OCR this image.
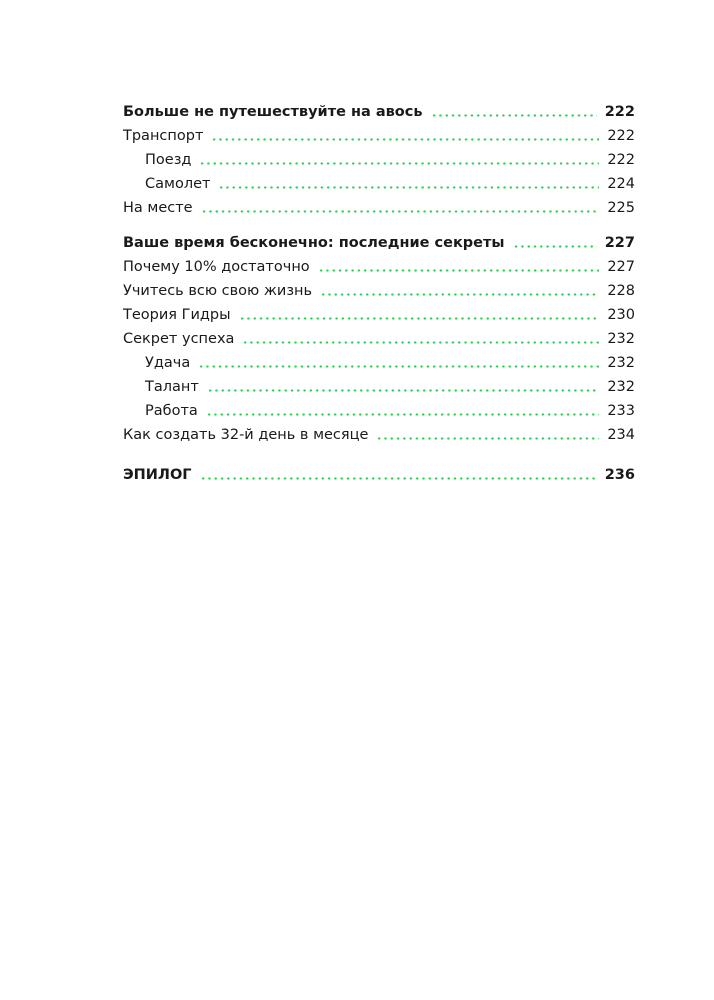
Больше не путешествуйте на авось	222
Транспорт	222
Поезд	222
Самолет	224
На месте	225
Ваше время бесконечно: последние секреты	227
Почему 10% достаточно	227
Учитесь всю свою жизнь	228
Теория Гидры	230
Секрет успеха	232
Удача	232
Талант	232
Работа	233
Как создать 32-й день в месяце	234
ЭПИЛОГ	236
